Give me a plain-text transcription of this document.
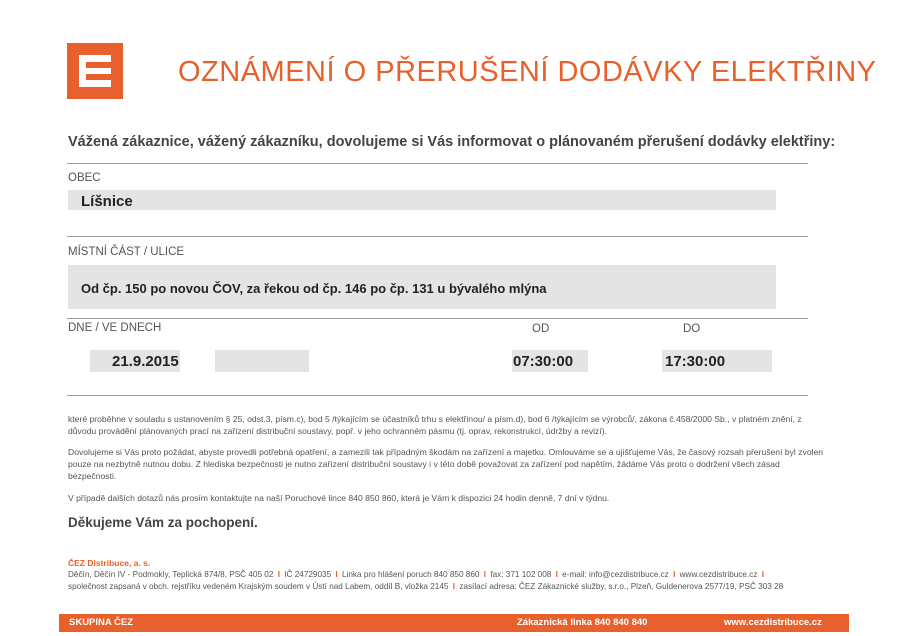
OZNÁMENÍ O PŘERUŠENÍ DODÁVKY ELEKTŘINY
Vážená zákaznice, vážený zákazníku, dovolujeme si Vás informovat o plánovaném přerušení dodávky elektřiny:
OBEC
Líšnice
MÍSTNÍ ČÁST / ULICE
Od čp. 150 po novou ČOV, za řekou od čp. 146 po čp. 131 u bývalého mlýna
DNE / VE DNECH	OD	DO
21.9.2015	07:30:00	17:30:00
které proběhne v souladu s ustanovením § 25, odst.3, písm.c), bod 5 /týkajícím se účastníků trhu s elektřinou/ a písm.d), bod 6 /týkajícím se výrobců/, zákona č.458/2000 Sb., v platném znění, z důvodu provádění plánovaných prací na zařízení distribuční soustavy, popř. v jeho ochranném pásmu (tj. oprav, rekonstrukcí, údržby a revizí).
Dovolujeme si Vás proto požádat, abyste provedli potřebná opatření, a zamezili tak případným škodám na zařízení a majetku. Omlouváme se a ujišťujeme Vás, že časový rozsah přerušení byl zvolen pouze na nezbytně nutnou dobu. Z hlediska bezpečnosti je nutno zařízení distribuční soustavy i v této době považovat za zařízení pod napětím, žádáme Vás proto o dodržení všech zásad bezpečnosti.
V případě dalších dotazů nás prosím kontaktujte na naší Poruchové lince 840 850 860, která je Vám k dispozici 24 hodin denně, 7 dní v týdnu.
Děkujeme Vám za pochopení.
ČEZ Distribuce, a. s.
Děčín, Děčín IV - Podmokly, Teplická 874/8, PSČ 405 02 I IČ 24729035 I Linka pro hlášení poruch 840 850 860 I fax: 371 102 008 I e-mail: info@cezdistribuce.cz I www.cezdistribuce.cz I
společnost zapsaná v obch. rejstříku vedeném Krajským soudem v Ústí nad Labem, oddíl B, vložka 2145 I zasílací adresa: ČEZ Zákaznické služby, s.r.o., Plzeň, Guldenerova 2577/19, PSČ 303 28
SKUPINA ČEZ	Zákaznická linka 840 840 840	www.cezdistribuce.cz
